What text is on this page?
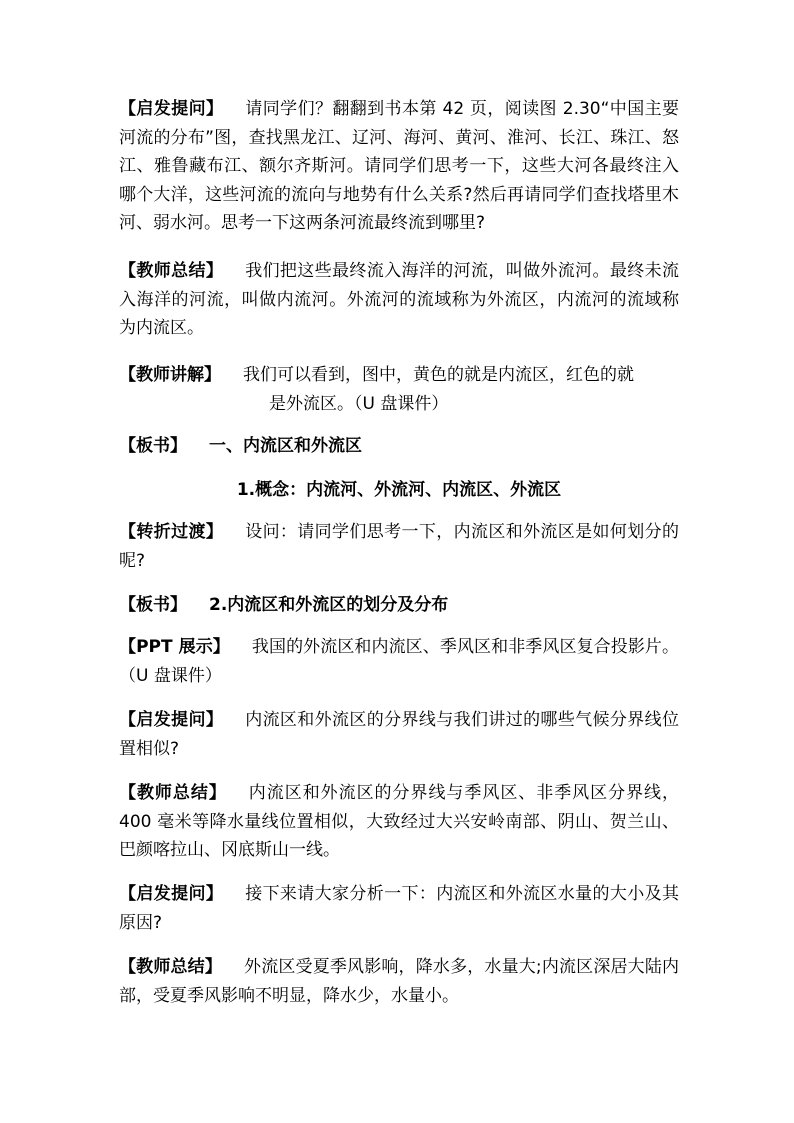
【启发提问】 请同学们？翻翻到书本第 42 页，阅读图 2.30“中国主要河流的分布”图，查找黑龙江、辽河、海河、黄河、淮河、长江、珠江、怒江、雅鲁藏布江、额尔齐斯河。请同学们思考一下，这些大河各最终注入哪个大洋，这些河流的流向与地势有什么关系?然后再请同学们查找塔里木河、弱水河。思考一下这两条河流最终流到哪里?
【教师总结】 我们把这些最终流入海洋的河流，叫做外流河。最终未流入海洋的河流，叫做内流河。外流河的流域称为外流区，内流河的流域称为内流区。
【教师讲解】 我们可以看到，图中，黄色的就是内流区，红色的就
是外流区。（U 盘课件）
【板书】 一、内流区和外流区
1.概念：内流河、外流河、内流区、外流区
【转折过渡】 设问：请同学们思考一下，内流区和外流区是如何划分的呢?
【板书】 2.内流区和外流区的划分及分布
【PPT 展示】 我国的外流区和内流区、季风区和非季风区复合投影片。（U 盘课件）
【启发提问】 内流区和外流区的分界线与我们讲过的哪些气候分界线位置相似?
【教师总结】 内流区和外流区的分界线与季风区、非季风区分界线，400 毫米等降水量线位置相似，大致经过大兴安岭南部、阴山、贺兰山、巴颜喀拉山、冈底斯山一线。
【启发提问】 接下来请大家分析一下：内流区和外流区水量的大小及其原因?
【教师总结】 外流区受夏季风影响，降水多，水量大;内流区深居大陆内部，受夏季风影响不明显，降水少，水量小。
